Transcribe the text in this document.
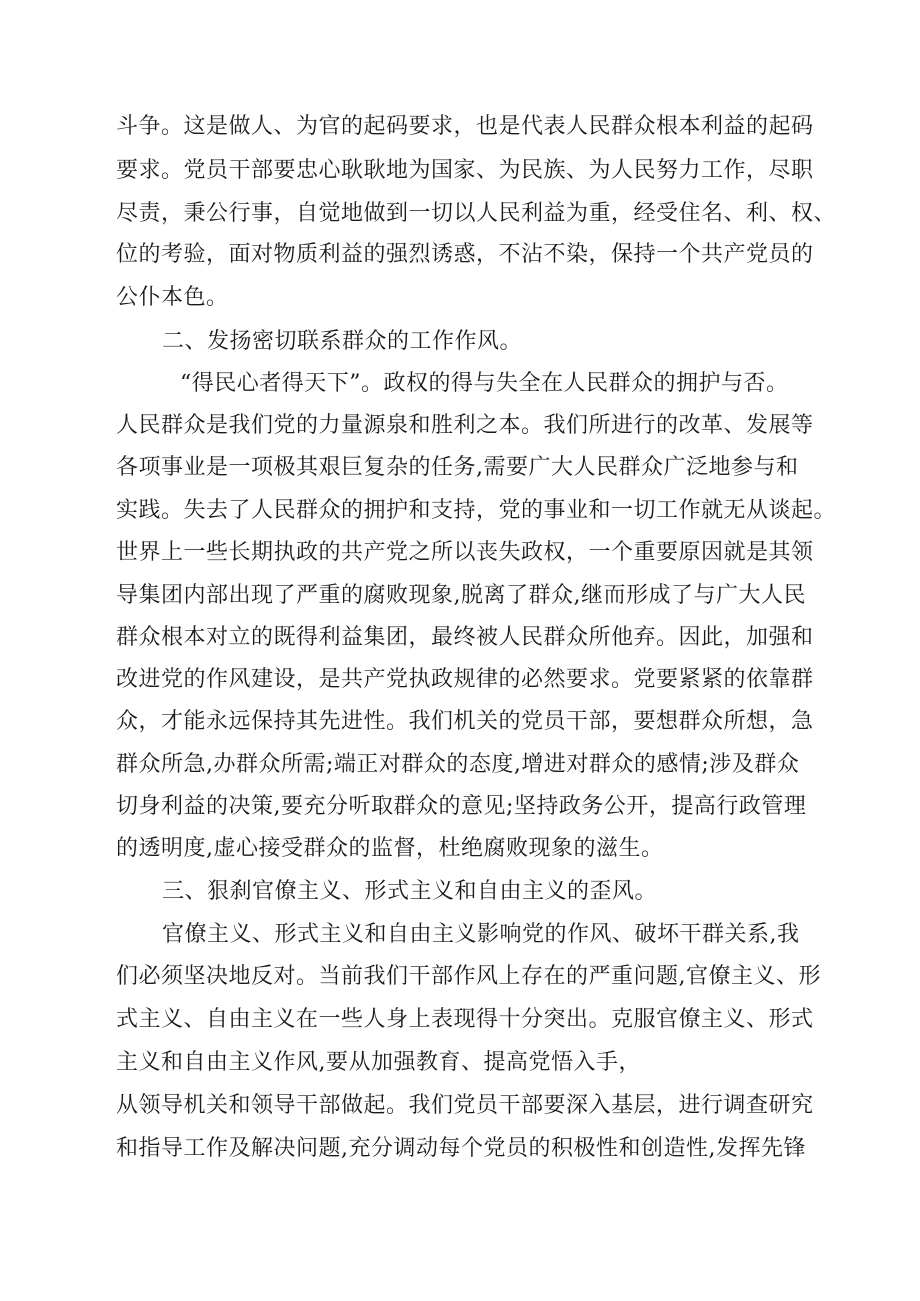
斗争。这是做人、为官的起码要求，也是代表人民群众根本利益的起码

要求。党员干部要忠心耿耿地为国家、为民族、为人民努力工作，尽职

尽责，秉公行事，自觉地做到一切以人民利益为重，经受住名、利、权、

位的考验，面对物质利益的强烈诱惑，不沾不染，保持一个共产党员的

公仆本色。

二、发扬密切联系群众的工作作风。

“得民心者得天下”。政权的得与失全在人民群众的拥护与否。

人民群众是我们党的力量源泉和胜利之本。我们所进行的改革、发展等

各项事业是一项极其艰巨复杂的任务,需要广大人民群众广泛地参与和

实践。失去了人民群众的拥护和支持，党的事业和一切工作就无从谈起。

世界上一些长期执政的共产党之所以丧失政权，一个重要原因就是其领

导集团内部出现了严重的腐败现象,脱离了群众,继而形成了与广大人民

群众根本对立的既得利益集团，最终被人民群众所他弃。因此，加强和

改进党的作风建设，是共产党执政规律的必然要求。党要紧紧的依靠群

众，才能永远保持其先进性。我们机关的党员干部，要想群众所想，急

群众所急,办群众所需;端正对群众的态度,增进对群众的感情;涉及群众

切身利益的决策,要充分听取群众的意见;坚持政务公开，提高行政管理

的透明度,虚心接受群众的监督，杜绝腐败现象的滋生。

三、狠刹官僚主义、形式主义和自由主义的歪风。

官僚主义、形式主义和自由主义影响党的作风、破坏干群关系,我

们必须坚决地反对。当前我们干部作风上存在的严重问题,官僚主义、形

式主义、自由主义在一些人身上表现得十分突出。克服官僚主义、形式

主义和自由主义作风,要从加强教育、提高党悟入手，

从领导机关和领导干部做起。我们党员干部要深入基层，进行调查研究

和指导工作及解决问题,充分调动每个党员的积极性和创造性,发挥先锋
